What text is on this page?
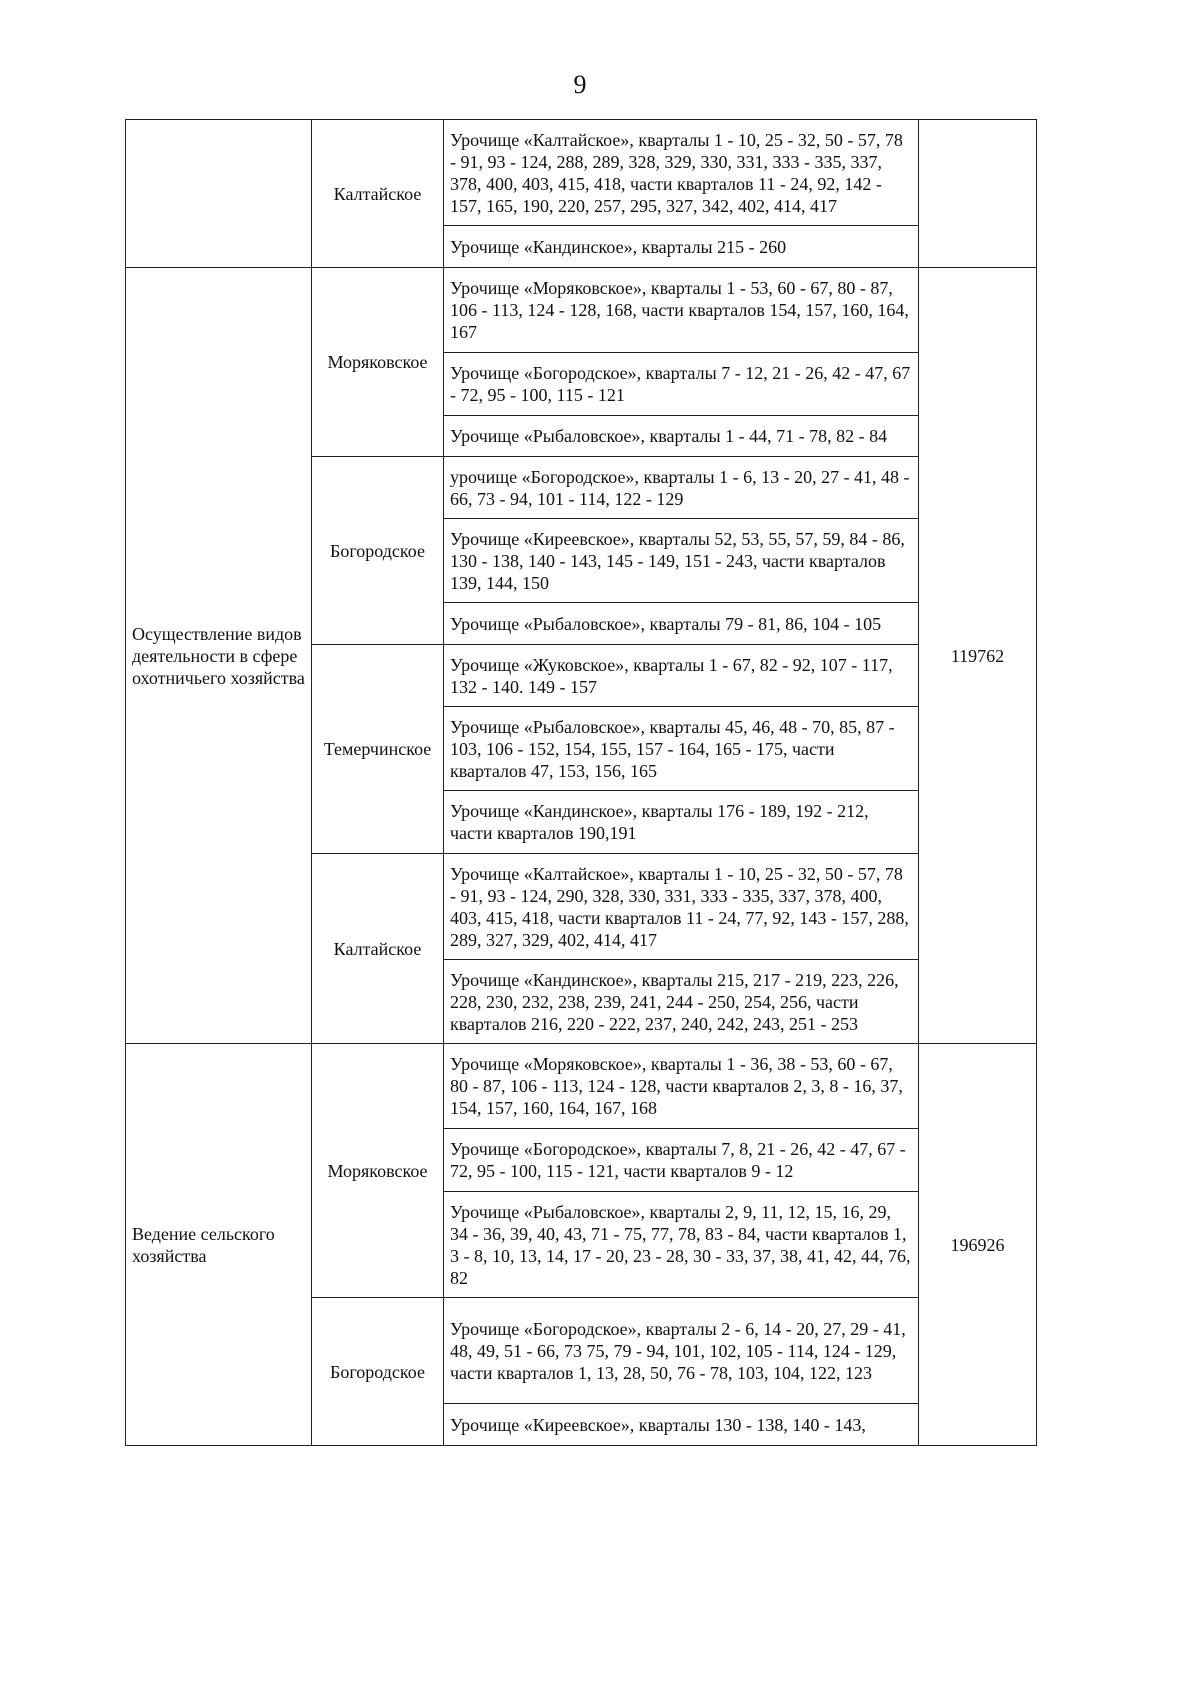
9
	Калтайское	Урочище «Калтайское», кварталы 1 - 10, 25 - 32, 50 - 57, 78 - 91, 93 - 124, 288, 289, 328, 329, 330, 331, 333 - 335, 337, 378, 400, 403, 415, 418, части кварталов 11 - 24, 92, 142 - 157, 165, 190, 220, 257, 295, 327, 342, 402, 414, 417	
		Урочище «Кандинское», кварталы 215 - 260	
Осуществление видов деятельности в сфере охотничьего хозяйства	Моряковское	Урочище «Моряковское», кварталы 1 - 53, 60 - 67, 80 - 87, 106 - 113, 124 - 128, 168, части кварталов 154, 157, 160, 164, 167	119762
		Урочище «Богородское», кварталы 7 - 12, 21 - 26, 42 - 47, 67 - 72, 95 - 100, 115 - 121	
		Урочище «Рыбаловское», кварталы 1 - 44, 71 - 78, 82 - 84	
	Богородское	урочище «Богородское», кварталы 1 - 6, 13 - 20, 27 - 41, 48 - 66, 73 - 94, 101 - 114, 122 - 129	
		Урочище «Киреевское», кварталы 52, 53, 55, 57, 59, 84 - 86, 130 - 138, 140 - 143, 145 - 149, 151 - 243, части кварталов 139, 144, 150	
		Урочище «Рыбаловское», кварталы 79 - 81, 86, 104 - 105	
	Темерчинское	Урочище «Жуковское», кварталы 1 - 67, 82 - 92, 107 - 117, 132 - 140. 149 - 157	
		Урочище «Рыбаловское», кварталы 45, 46, 48 - 70, 85, 87 - 103, 106 - 152, 154, 155, 157 - 164, 165 - 175, части кварталов 47, 153, 156, 165	
		Урочище «Кандинское», кварталы 176 - 189, 192 - 212, части кварталов 190,191	
	Калтайское	Урочище «Калтайское», кварталы 1 - 10, 25 - 32, 50 - 57, 78 - 91, 93 - 124, 290, 328, 330, 331, 333 - 335, 337, 378, 400, 403, 415, 418, части кварталов 11 - 24, 77, 92, 143 - 157, 288, 289, 327, 329, 402, 414, 417	
		Урочище «Кандинское», кварталы 215, 217 - 219, 223, 226, 228, 230, 232, 238, 239, 241, 244 - 250, 254, 256, части кварталов 216, 220 - 222, 237, 240, 242, 243, 251 - 253	
Ведение сельского хозяйства	Моряковское	Урочище «Моряковское», кварталы 1 - 36, 38 - 53, 60 - 67, 80 - 87, 106 - 113, 124 - 128, части кварталов 2, 3, 8 - 16, 37, 154, 157, 160, 164, 167, 168	196926
		Урочище «Богородское», кварталы 7, 8, 21 - 26, 42 - 47, 67 - 72, 95 - 100, 115 - 121, части кварталов 9 - 12	
		Урочище «Рыбаловское», кварталы 2, 9, 11, 12, 15, 16, 29, 34 - 36, 39, 40, 43, 71 - 75, 77, 78, 83 - 84, части кварталов 1, 3 - 8, 10, 13, 14, 17 - 20, 23 - 28, 30 - 33, 37, 38, 41, 42, 44, 76, 82	
	Богородское	Урочище «Богородское», кварталы 2 - 6, 14 - 20, 27, 29 - 41, 48, 49, 51 - 66, 73 75, 79 - 94, 101, 102, 105 - 114, 124 - 129, части кварталов 1, 13, 28, 50, 76 - 78, 103, 104, 122, 123	
		Урочище «Киреевское», кварталы 130 - 138, 140 - 143,	
